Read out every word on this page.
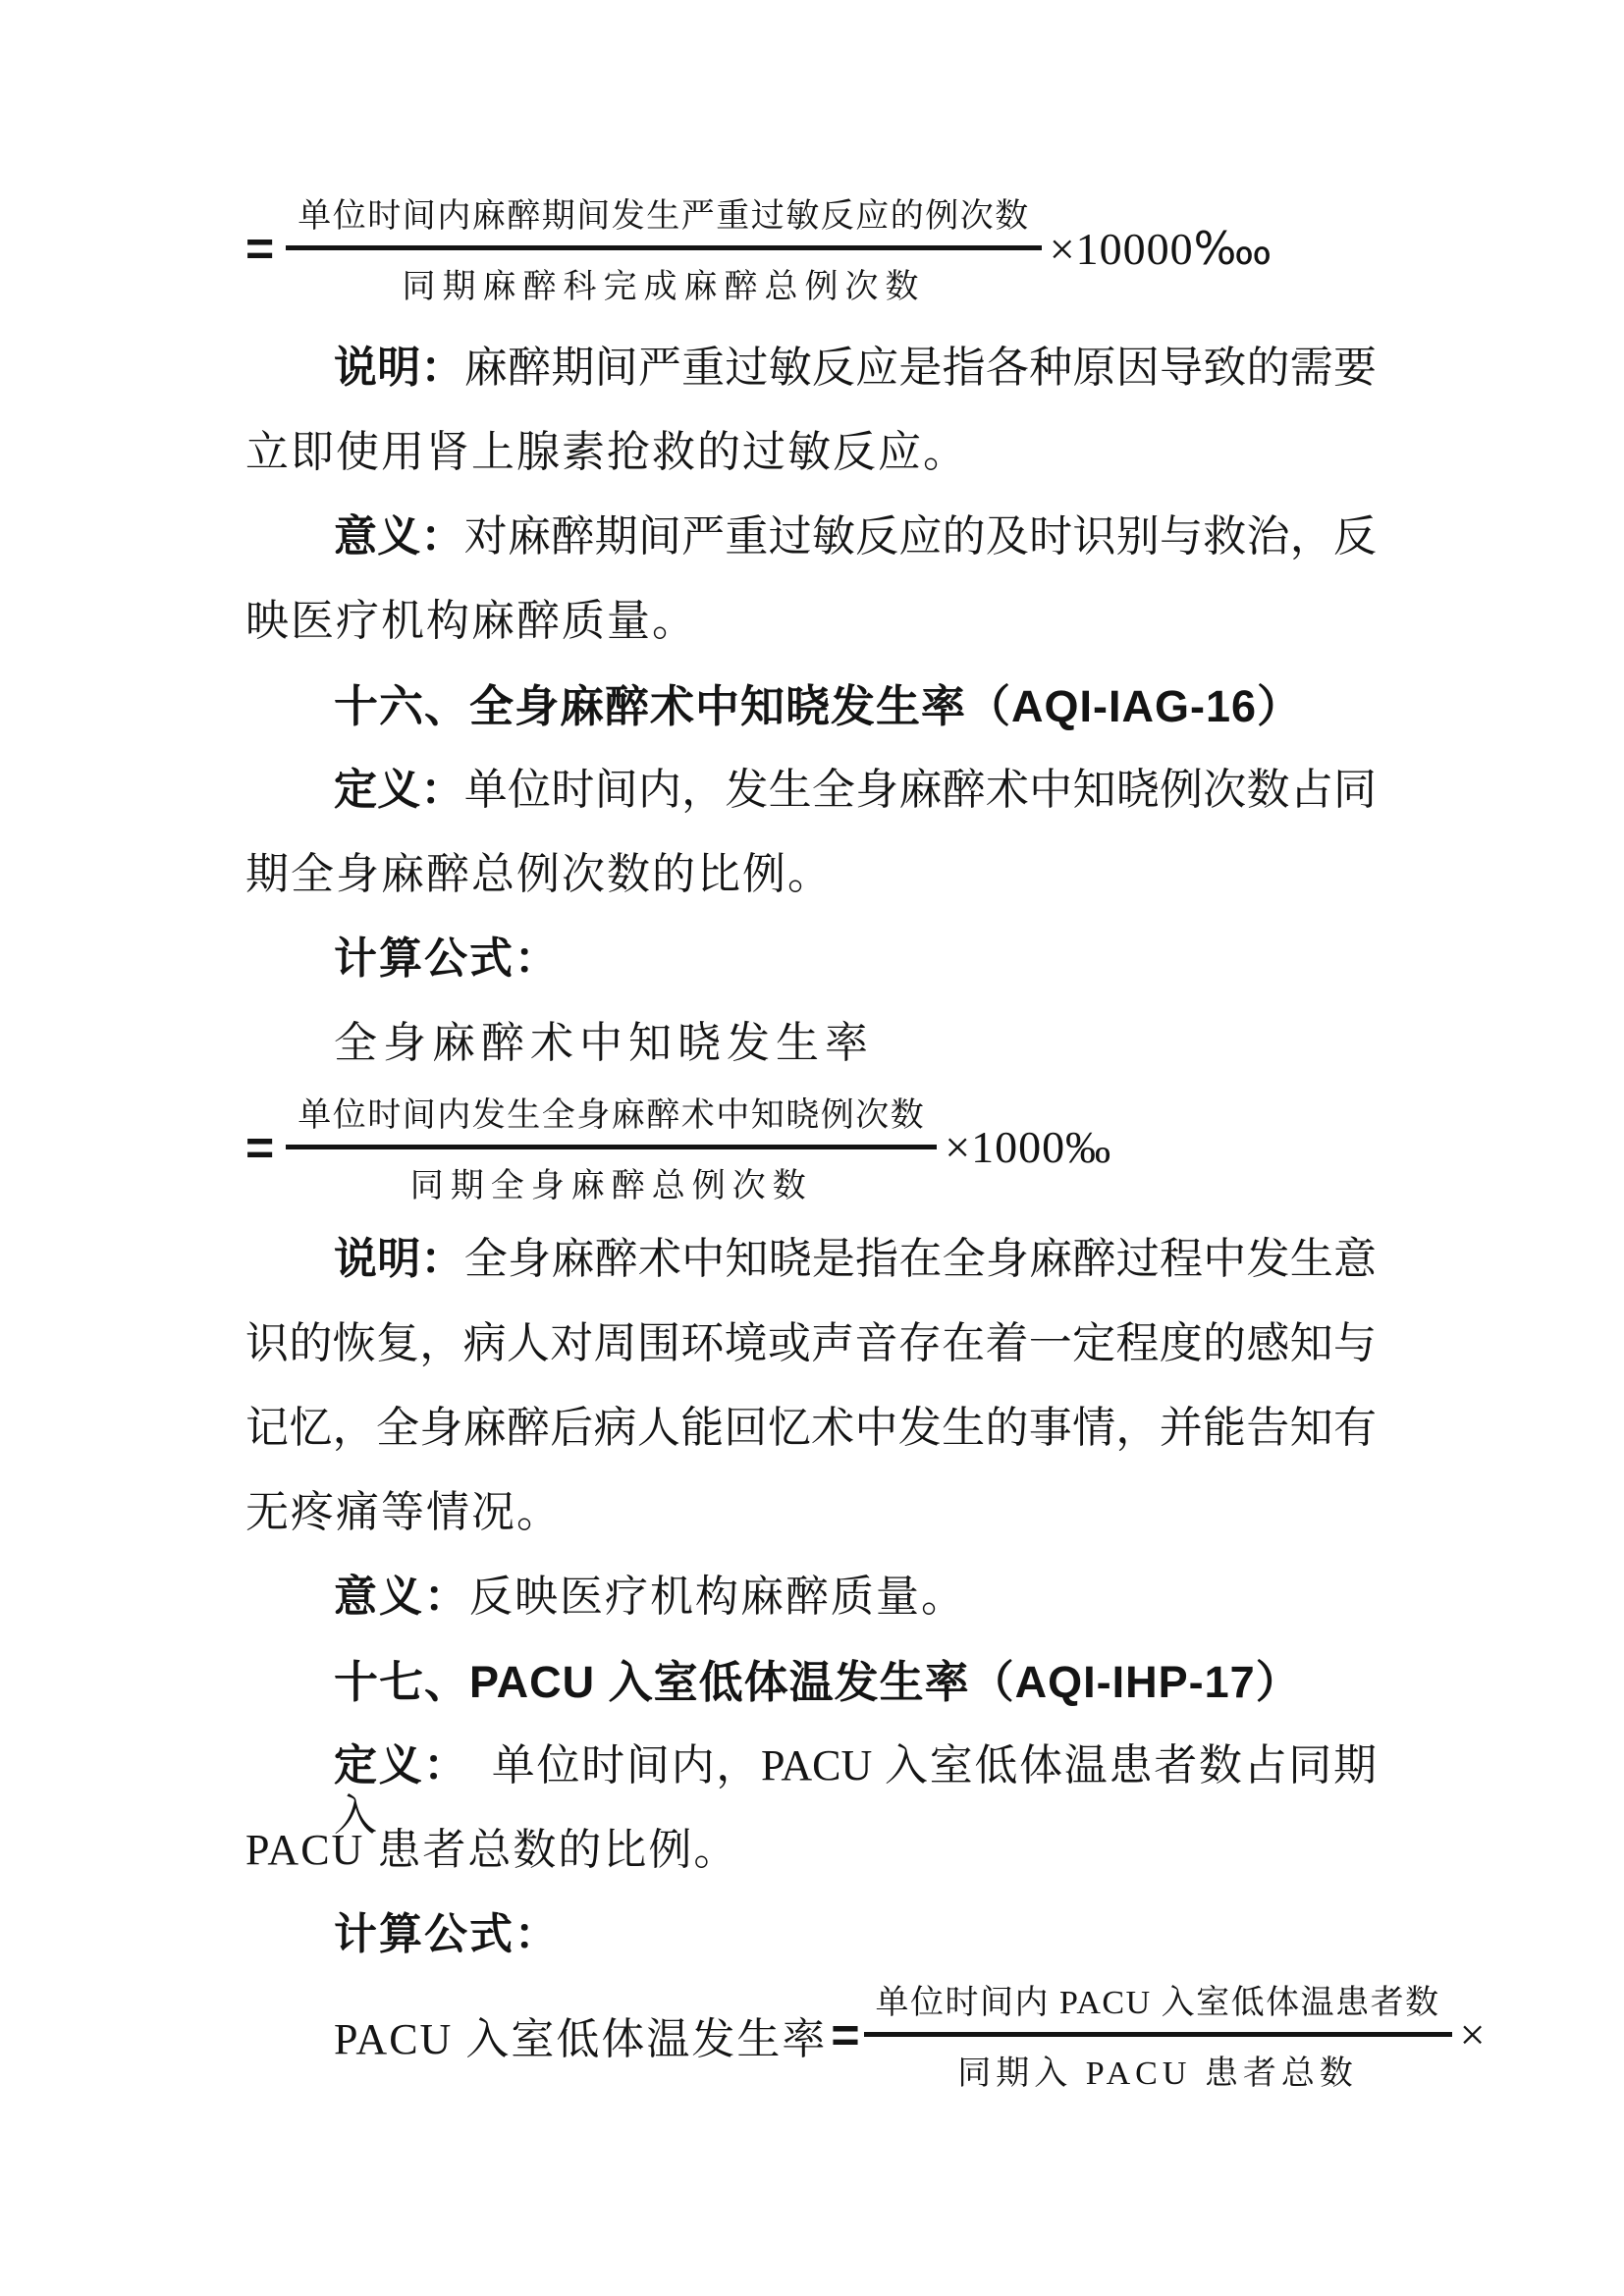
= $\frac{\text{单位时间内麻醉期间发生严重过敏反应的例次数}}{\text{同期麻醉科完成麻醉总例次数}}$ ×10000‱
说明：麻醉期间严重过敏反应是指各种原因导致的需要
立即使用肾上腺素抢救的过敏反应。
意义：对麻醉期间严重过敏反应的及时识别与救治，反
映医疗机构麻醉质量。
十六、全身麻醉术中知晓发生率（AQI-IAG-16）
定义：单位时间内，发生全身麻醉术中知晓例次数占同
期全身麻醉总例次数的比例。
计算公式：
全身麻醉术中知晓发生率
= $\frac{\text{单位时间内发生全身麻醉术中知晓例次数}}{\text{同期全身麻醉总例次数}}$ ×1000‰
说明：全身麻醉术中知晓是指在全身麻醉过程中发生意
识的恢复，病人对周围环境或声音存在着一定程度的感知与
记忆，全身麻醉后病人能回忆术中发生的事情，并能告知有
无疼痛等情况。
意义：反映医疗机构麻醉质量。
十七、PACU 入室低体温发生率（AQI-IHP-17）
定义：　单位时间内，PACU 入室低体温患者数占同期入
PACU 患者总数的比例。
计算公式：
PACU 入室低体温发生率 = $\frac{\text{单位时间内 PACU 入室低体温患者数}}{\text{同期入 PACU 患者总数}}$ ×
